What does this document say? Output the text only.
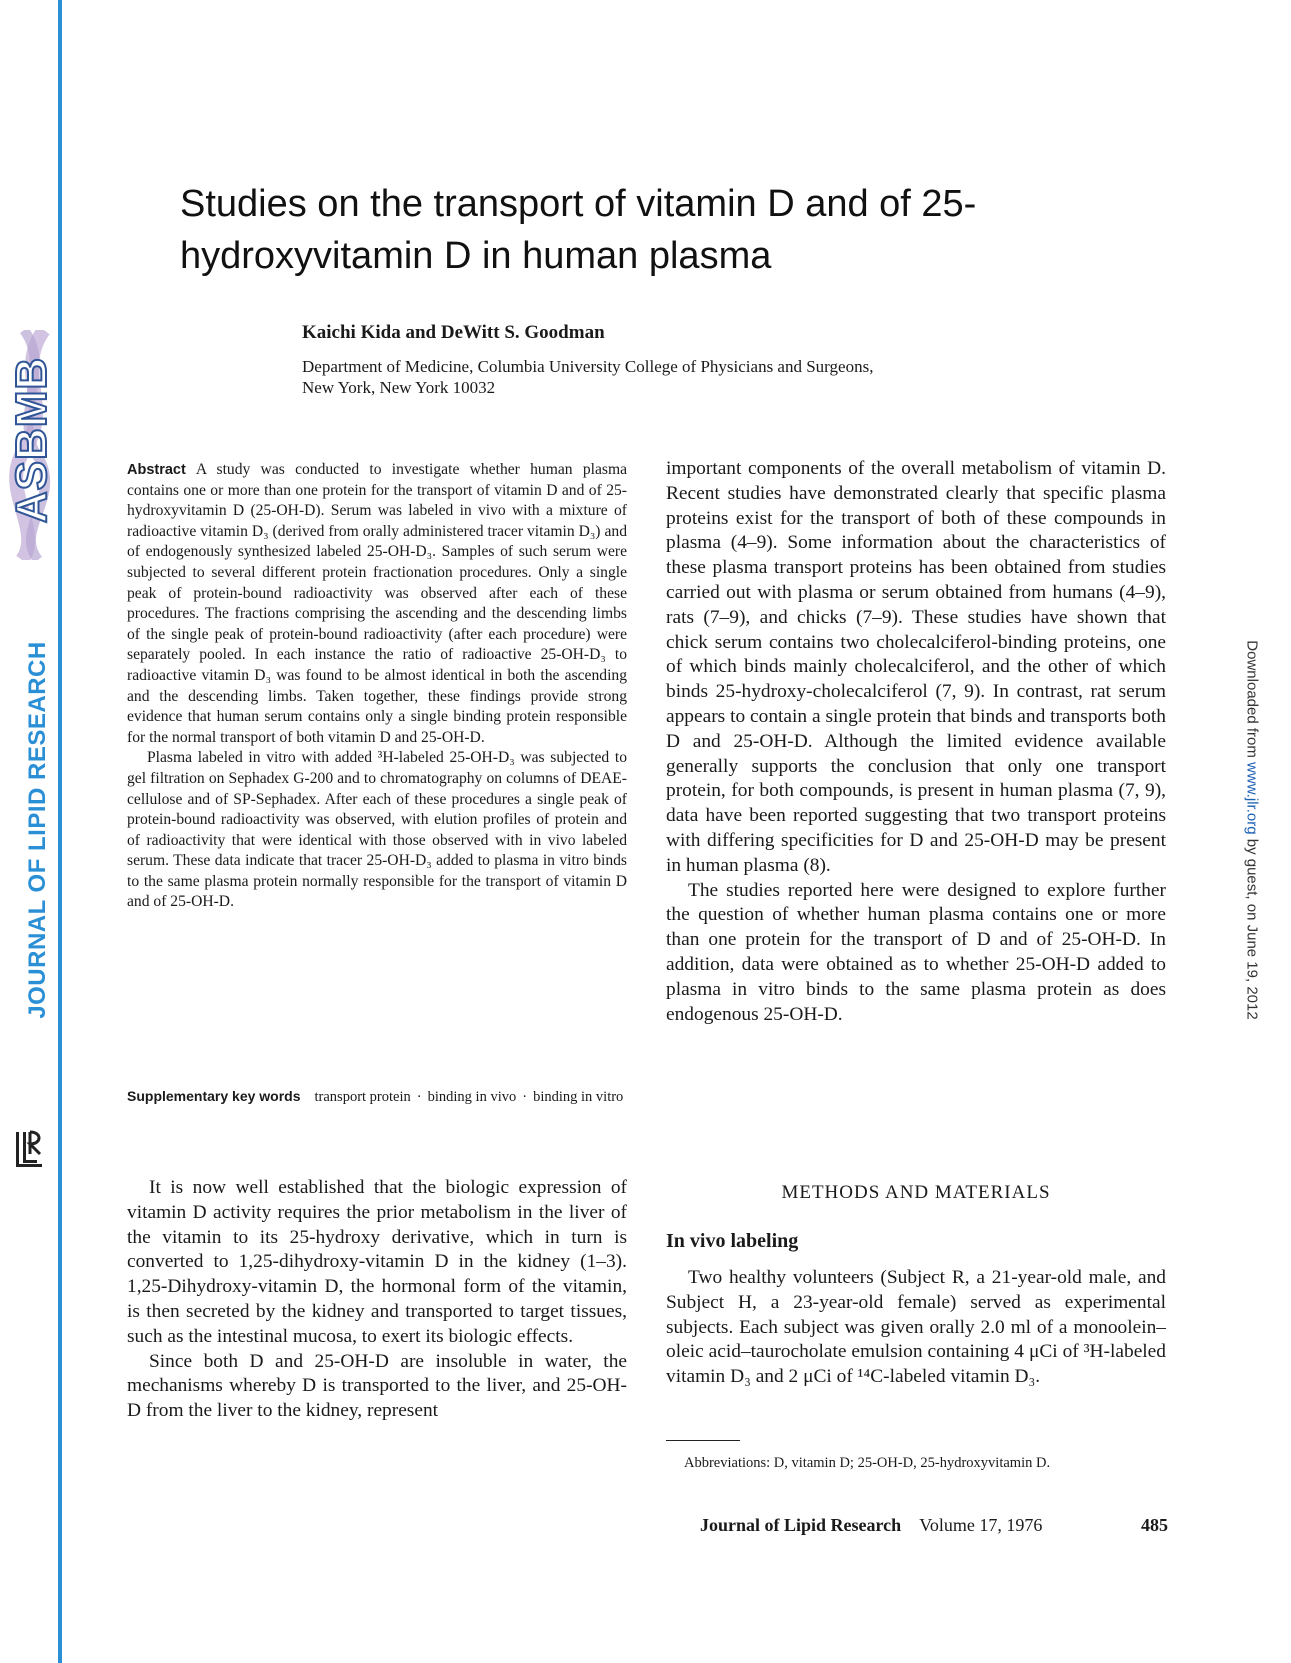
ASBMB
JOURNAL OF LIPID RESEARCH	Downloaded from www.jlr.org by guest, on June 19, 2012
Studies on the transport of vitamin D and of 25-hydroxyvitamin D in human plasma

Kaichi Kida and DeWitt S. Goodman

Department of Medicine, Columbia University College of Physicians and Surgeons,
New York, New York 10032

Abstract A study was conducted to investigate whether human plasma contains one or more than one protein for the transport of vitamin D and of 25-hydroxyvitamin D (25-OH-D). Serum was labeled in vivo with a mixture of radioactive vitamin D₃ (derived from orally administered tracer vitamin D₃) and of endogenously synthesized labeled 25-OH-D₃. Samples of such serum were subjected to several different protein fractionation procedures. Only a single peak of protein-bound radioactivity was observed after each of these procedures. The fractions comprising the ascending and the descending limbs of the single peak of protein-bound radioactivity (after each procedure) were separately pooled. In each instance the ratio of radioactive 25-OH-D₃ to radioactive vitamin D₃ was found to be almost identical in both the ascending and the descending limbs. Taken together, these findings provide strong evidence that human serum contains only a single binding protein responsible for the normal transport of both vitamin D and 25-OH-D.

Plasma labeled in vitro with added ³H-labeled 25-OH-D₃ was subjected to gel filtration on Sephadex G-200 and to chromatography on columns of DEAE-cellulose and of SP-Sephadex. After each of these procedures a single peak of protein-bound radioactivity was observed, with elution profiles of protein and of radioactivity that were identical with those observed with in vivo labeled serum. These data indicate that tracer 25-OH-D₃ added to plasma in vitro binds to the same plasma protein normally responsible for the transport of vitamin D and of 25-OH-D.

Supplementary key words transport protein · binding in vivo · binding in vitro

It is now well established that the biologic expression of vitamin D activity requires the prior metabolism in the liver of the vitamin to its 25-hydroxy derivative, which in turn is converted to 1,25-dihydroxy-vitamin D in the kidney (1–3). 1,25-Dihydroxy-vitamin D, the hormonal form of the vitamin, is then secreted by the kidney and transported to target tissues, such as the intestinal mucosa, to exert its biologic effects.

Since both D and 25-OH-D are insoluble in water, the mechanisms whereby D is transported to the liver, and 25-OH-D from the liver to the kidney, represent

important components of the overall metabolism of vitamin D. Recent studies have demonstrated clearly that specific plasma proteins exist for the transport of both of these compounds in plasma (4–9). Some information about the characteristics of these plasma transport proteins has been obtained from studies carried out with plasma or serum obtained from humans (4–9), rats (7–9), and chicks (7–9). These studies have shown that chick serum contains two cholecalciferol-binding proteins, one of which binds mainly cholecalciferol, and the other of which binds 25-hydroxy-cholecalciferol (7, 9). In contrast, rat serum appears to contain a single protein that binds and transports both D and 25-OH-D. Although the limited evidence available generally supports the conclusion that only one transport protein, for both compounds, is present in human plasma (7, 9), data have been reported suggesting that two transport proteins with differing specificities for D and 25-OH-D may be present in human plasma (8).

The studies reported here were designed to explore further the question of whether human plasma contains one or more than one protein for the transport of D and of 25-OH-D. In addition, data were obtained as to whether 25-OH-D added to plasma in vitro binds to the same plasma protein as does endogenous 25-OH-D.

METHODS AND MATERIALS
In vivo labeling

Two healthy volunteers (Subject R, a 21-year-old male, and Subject H, a 23-year-old female) served as experimental subjects. Each subject was given orally 2.0 ml of a monoolein–oleic acid–taurocholate emulsion containing 4 μCi of ³H-labeled vitamin D₃ and 2 μCi of ¹⁴C-labeled vitamin D₃.

Abbreviations: D, vitamin D; 25-OH-D, 25-hydroxyvitamin D.

Journal of Lipid Research Volume 17, 1976	485
